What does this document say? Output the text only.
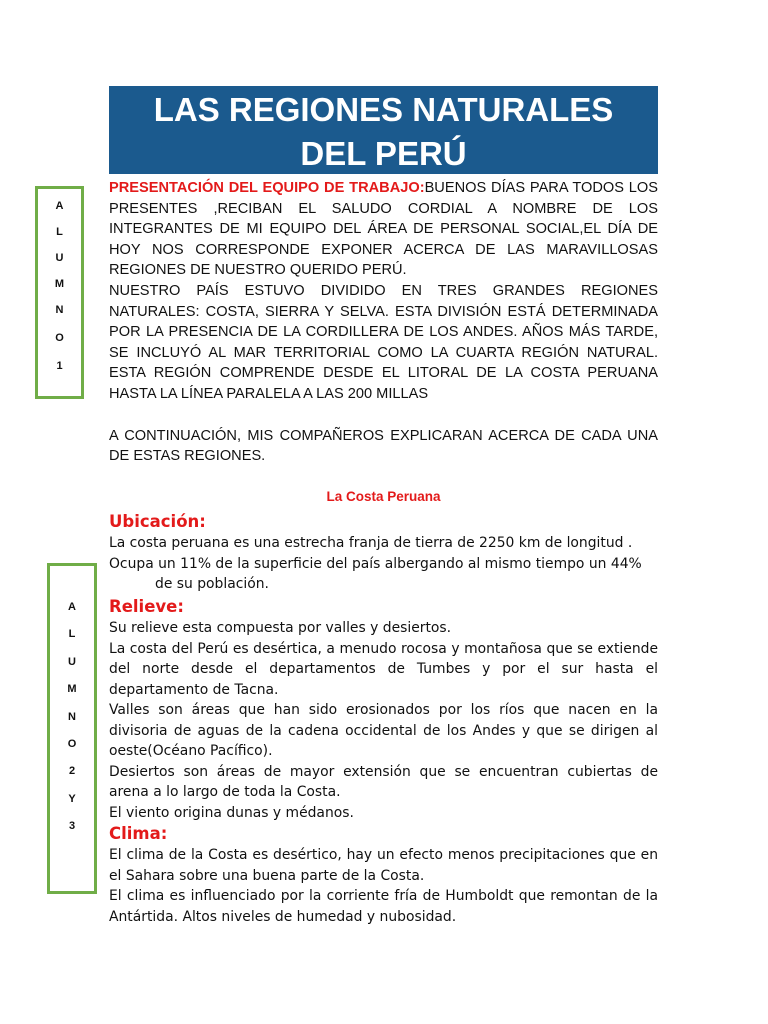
LAS REGIONES NATURALES
DEL PERÚ
A
L
U
M
N
O
1
A
L
U
M
N
O
2
Y
3

PRESENTACIÓN DEL EQUIPO DE TRABAJO:BUENOS DÍAS PARA TODOS LOS PRESENTES ,RECIBAN EL SALUDO CORDIAL A NOMBRE DE LOS INTEGRANTES DE MI EQUIPO DEL ÁREA DE PERSONAL SOCIAL,EL DÍA DE HOY NOS CORRESPONDE EXPONER ACERCA DE LAS MARAVILLOSAS REGIONES DE NUESTRO QUERIDO PERÚ.

NUESTRO PAÍS ESTUVO DIVIDIDO EN TRES GRANDES REGIONES NATURALES: COSTA, SIERRA Y SELVA. ESTA DIVISIÓN ESTÁ DETERMINADA POR LA PRESENCIA DE LA CORDILLERA DE LOS ANDES. AÑOS MÁS TARDE, SE INCLUYÓ AL MAR TERRITORIAL COMO LA CUARTA REGIÓN NATURAL. ESTA REGIÓN COMPRENDE DESDE EL LITORAL DE LA COSTA PERUANA HASTA LA LÍNEA PARALELA A LAS 200 MILLAS

A CONTINUACIÓN, MIS COMPAÑEROS EXPLICARAN ACERCA DE CADA UNA DE ESTAS REGIONES.

La Costa Peruana
Ubicación:

La costa peruana es una estrecha franja de tierra de 2250 km de longitud .

Ocupa un 11% de la superficie del país albergando al mismo tiempo un 44%

de su población.

Relieve:

Su relieve esta compuesta por valles y desiertos.

La costa del Perú es desértica, a menudo rocosa y montañosa que se extiende del norte desde el departamentos de Tumbes y por el sur hasta el departamento de Tacna.

Valles son áreas que han sido erosionados por los ríos que nacen en la divisoria de aguas de la cadena occidental de los Andes y que se dirigen al oeste(Océano Pacífico).

Desiertos son áreas de mayor extensión que se encuentran cubiertas de arena a lo largo de toda la Costa.

El viento origina dunas y médanos.

Clima:

El clima de la Costa es desértico, hay un efecto menos precipitaciones que en el Sahara sobre una buena parte de la Costa.

El clima es influenciado por la corriente fría de Humboldt que remontan de la Antártida. Altos niveles de humedad y nubosidad.
